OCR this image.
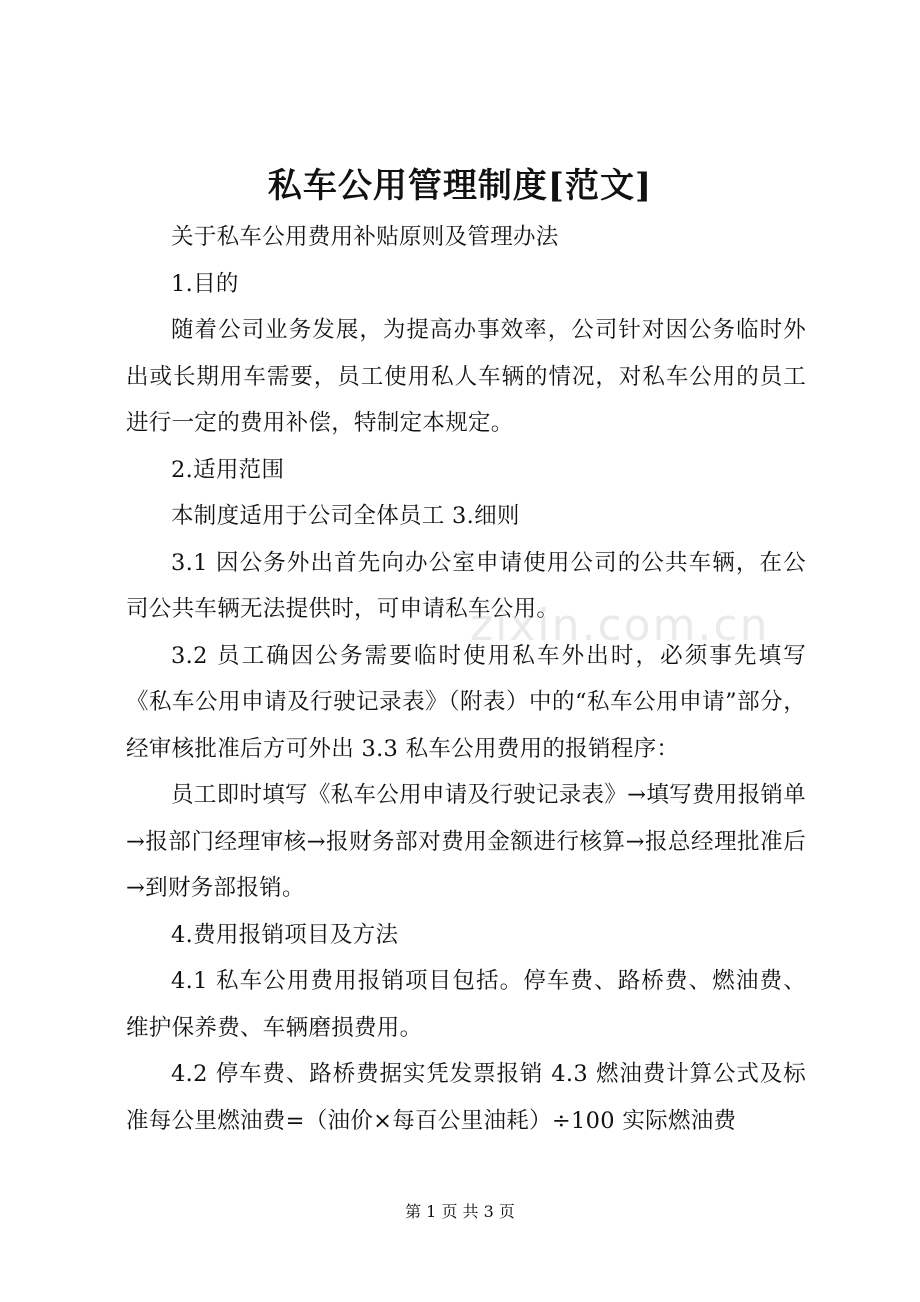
私车公用管理制度[范文]

关于私车公用费用补贴原则及管理办法

1.目的

随着公司业务发展，为提高办事效率，公司针对因公务临时外出或长期用车需要，员工使用私人车辆的情况，对私车公用的员工进行一定的费用补偿，特制定本规定。

2.适用范围

本制度适用于公司全体员工 3.细则

3.1 因公务外出首先向办公室申请使用公司的公共车辆，在公司公共车辆无法提供时，可申请私车公用。

3.2 员工确因公务需要临时使用私车外出时，必须事先填写《私车公用申请及行驶记录表》（附表）中的“私车公用申请”部分，经审核批准后方可外出 3.3 私车公用费用的报销程序：

员工即时填写《私车公用申请及行驶记录表》→填写费用报销单→报部门经理审核→报财务部对费用金额进行核算→报总经理批准后→到财务部报销。

4.费用报销项目及方法

4.1 私车公用费用报销项目包括。停车费、路桥费、燃油费、维护保养费、车辆磨损费用。

4.2 停车费、路桥费据实凭发票报销 4.3 燃油费计算公式及标准每公里燃油费=（油价×每百公里油耗）÷100 实际燃油费

zixin.com.cn
第 1 页 共 3 页
